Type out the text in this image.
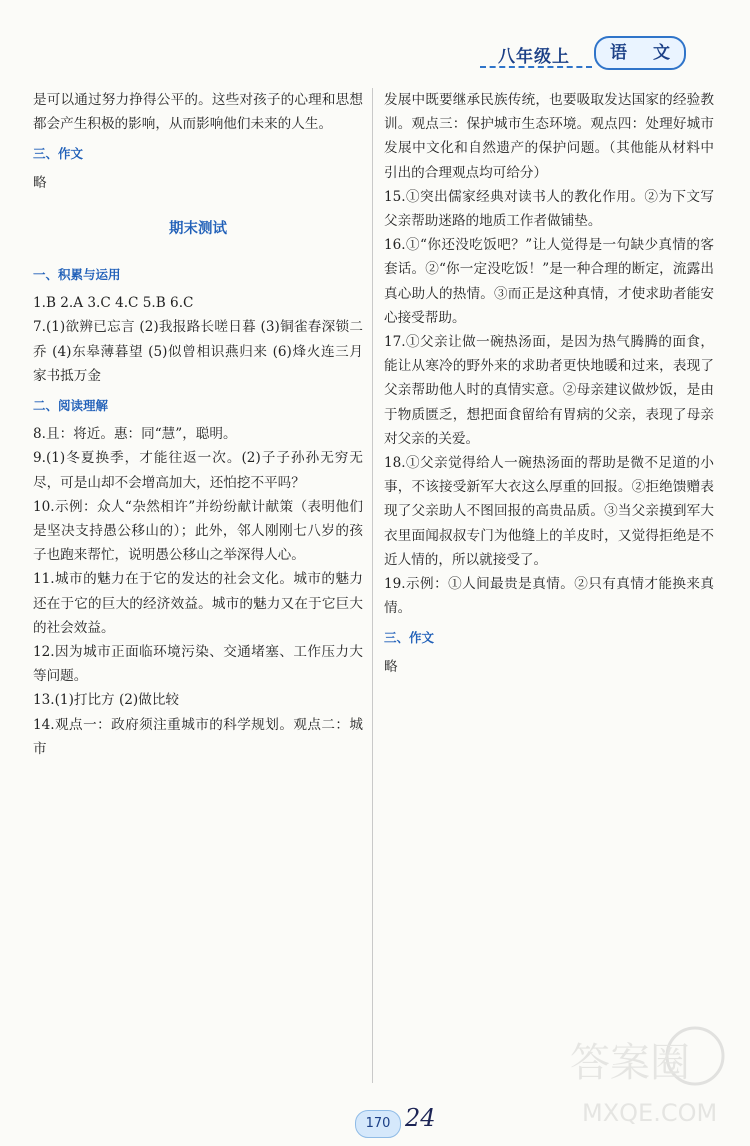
八年级上	语 文

是可以通过努力挣得公平的。这些对孩子的心理和思想都会产生积极的影响，从而影响他们未来的人生。

三、作文

略

期末测试
一、积累与运用

1.B 2.A 3.C 4.C 5.B 6.C

7.(1)欲辨已忘言 (2)我报路长嗟日暮 (3)铜雀春深锁二乔 (4)东皋薄暮望 (5)似曾相识燕归来 (6)烽火连三月 家书抵万金

二、阅读理解

8.且：将近。惠：同“慧”，聪明。

9.(1)冬夏换季，才能往返一次。(2)子子孙孙无穷无尽，可是山却不会增高加大，还怕挖不平吗？

10.示例：众人“杂然相许”并纷纷献计献策（表明他们是坚决支持愚公移山的）；此外，邻人刚刚七八岁的孩子也跑来帮忙，说明愚公移山之举深得人心。

11.城市的魅力在于它的发达的社会文化。城市的魅力还在于它的巨大的经济效益。城市的魅力又在于它巨大的社会效益。

12.因为城市正面临环境污染、交通堵塞、工作压力大等问题。

13.(1)打比方 (2)做比较

14.观点一：政府须注重城市的科学规划。观点二：城市

发展中既要继承民族传统，也要吸取发达国家的经验教训。观点三：保护城市生态环境。观点四：处理好城市发展中文化和自然遗产的保护问题。（其他能从材料中引出的合理观点均可给分）

15.①突出儒家经典对读书人的教化作用。②为下文写父亲帮助迷路的地质工作者做铺垫。

16.①“你还没吃饭吧？”让人觉得是一句缺少真情的客套话。②“你一定没吃饭！”是一种合理的断定，流露出真心助人的热情。③而正是这种真情，才使求助者能安心接受帮助。

17.①父亲让做一碗热汤面，是因为热气腾腾的面食，能让从寒冷的野外来的求助者更快地暖和过来，表现了父亲帮助他人时的真情实意。②母亲建议做炒饭，是由于物质匮乏，想把面食留给有胃病的父亲，表现了母亲对父亲的关爱。

18.①父亲觉得给人一碗热汤面的帮助是微不足道的小事，不该接受新军大衣这么厚重的回报。②拒绝馈赠表现了父亲助人不图回报的高贵品质。③当父亲摸到军大衣里面闻叔叔专门为他缝上的羊皮时，又觉得拒绝是不近人情的，所以就接受了。

19.示例：①人间最贵是真情。②只有真情才能换来真情。

三、作文

略

170 24
答案圈
MXQE.COM
